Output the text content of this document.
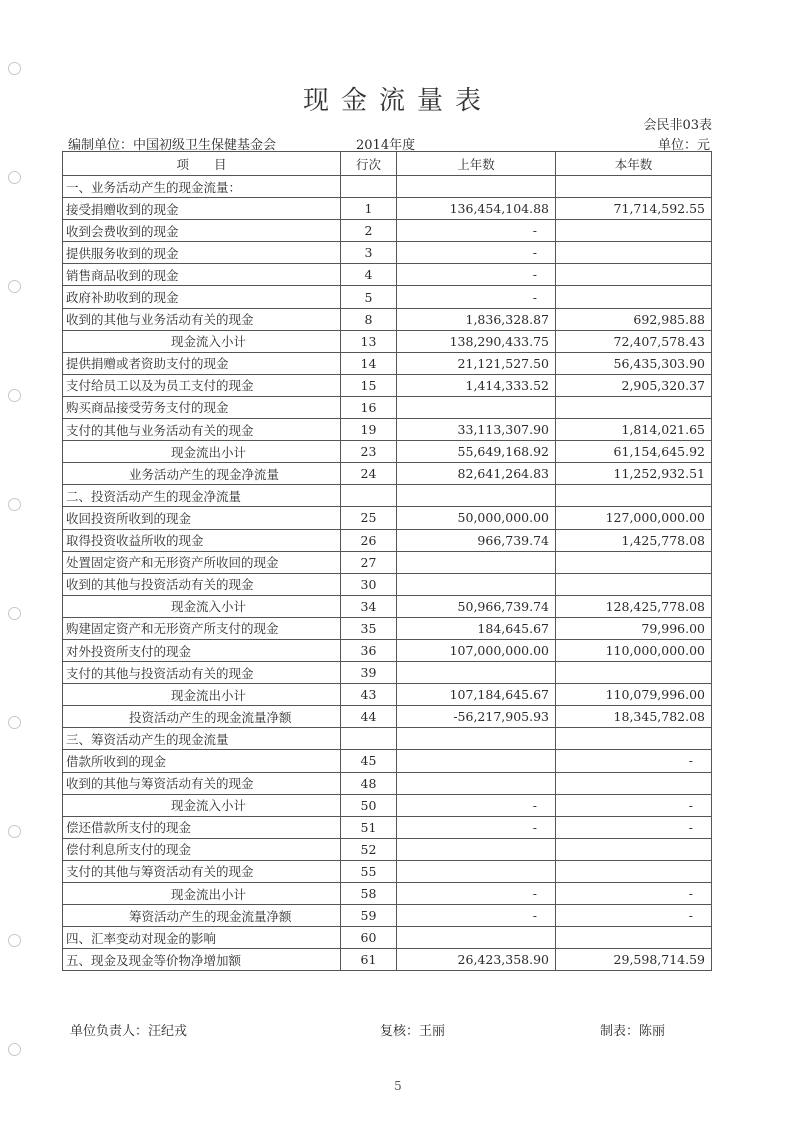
现金流量表
会民非03表
编制单位：中国初级卫生保健基金会	2014年度	单位：元
项　　目	行次	上年数	本年数
一、业务活动产生的现金流量：			
接受捐赠收到的现金	1	136,454,104.88	71,714,592.55
收到会费收到的现金	2	-	
提供服务收到的现金	3	-	
销售商品收到的现金	4	-	
政府补助收到的现金	5	-	
收到的其他与业务活动有关的现金	8	1,836,328.87	692,985.88
现金流入小计	13	138,290,433.75	72,407,578.43
提供捐赠或者资助支付的现金	14	21,121,527.50	56,435,303.90
支付给员工以及为员工支付的现金	15	1,414,333.52	2,905,320.37
购买商品接受劳务支付的现金	16		
支付的其他与业务活动有关的现金	19	33,113,307.90	1,814,021.65
现金流出小计	23	55,649,168.92	61,154,645.92
业务活动产生的现金净流量	24	82,641,264.83	11,252,932.51
二、投资活动产生的现金净流量			
收回投资所收到的现金	25	50,000,000.00	127,000,000.00
取得投资收益所收的现金	26	966,739.74	1,425,778.08
处置固定资产和无形资产所收回的现金	27		
收到的其他与投资活动有关的现金	30		
现金流入小计	34	50,966,739.74	128,425,778.08
购建固定资产和无形资产所支付的现金	35	184,645.67	79,996.00
对外投资所支付的现金	36	107,000,000.00	110,000,000.00
支付的其他与投资活动有关的现金	39		
现金流出小计	43	107,184,645.67	110,079,996.00
投资活动产生的现金流量净额	44	-56,217,905.93	18,345,782.08
三、筹资活动产生的现金流量			
借款所收到的现金	45		-
收到的其他与筹资活动有关的现金	48		
现金流入小计	50	-	-
偿还借款所支付的现金	51	-	-
偿付利息所支付的现金	52		
支付的其他与筹资活动有关的现金	55		
现金流出小计	58	-	-
筹资活动产生的现金流量净额	59	-	-
四、汇率变动对现金的影响	60		
五、现金及现金等价物净增加额	61	26,423,358.90	29,598,714.59
单位负责人：汪纪戎	复核：王丽	制表：陈丽
5
